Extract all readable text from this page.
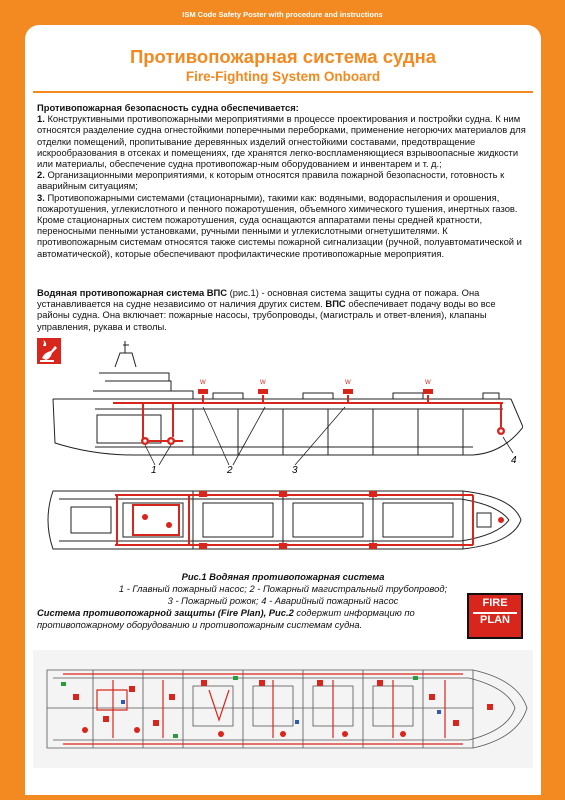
ISM Code Safety Poster with procedure and instructions
Противопожарная система судна
Fire-Fighting System Onboard

Противопожарная безопасность судна обеспечивается:

1. Конструктивными противопожарными мероприятиями в процессе проектирования и постройки судна. К ним относятся разделение судна огнестойкими поперечными переборками, применение негорючих материалов для отделки помещений, пропитывание деревянных изделий огнестойкими составами, предотвращение искрообразования в отсеках и помещениях, где хранятся легко-воспламеняющиеся взрывоопасные жидкости или материалы, обеспечение судна противопожар-ным оборудованием и инвентарем и т. д.;

2. Организационными мероприятиями, к которым относятся правила пожарной безопасности, готовность к аварийным ситуациям;

3. Противопожарными системами (стационарными), такими как: водяными, водораспыления и орошения, пожаротушения, углекислотного и пенного пожаротушения, объемного химического тушения, инертных газов. Кроме стационарных систем пожаротушения, суда оснащаются аппаратами пены средней кратности, переносными пенными установками, ручными пенными и углекислотными огнетушителями. К противопожарным системам относятся также системы пожарной сигнализации (ручной, полуавтоматической и автоматической), которые обеспечивают профилактические противопожарные мероприятия.

Водяная противопожарная система ВПС (рис.1) - основная система защиты судна от пожара. Она устанавливается на судне независимо от наличия других систем. ВПС обеспечивает подачу воды во все районы судна. Она включает: пожарные насосы, трубопроводы, (магистраль и ответ-вления), клапаны управления, рукава и стволы.

W	W	W	W
1	2	3
4
Рис.1 Водяная противопожарная система
1 - Главный пожарный насос; 2 - Пожарный магистральный трубопровод;
3 - Пожарный рожок; 4 - Аварийный пожарный насос
Система противопожарной защиты (Fire Plan), Рис.2 содержит информацию по противопожарному оборудованию и противопожарным системам судна.
FIRE
PLAN
